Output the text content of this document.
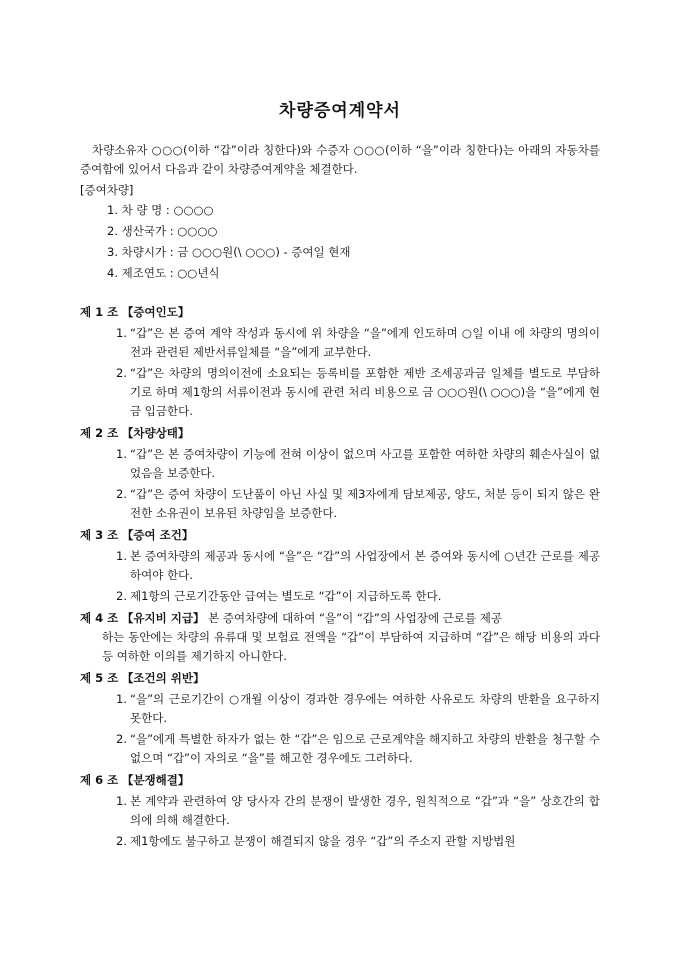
차량증여계약서
차량소유자 ○○○(이하 “갑”이라 칭한다)와 수증자 ○○○(이하 “을”이라 칭한다)는 아래의 자동차를 증여함에 있어서 다음과 같이 차량증여계약을 체결한다.
[증여차량]
1. 차 량 명 : ○○○○
2. 생산국가 : ○○○○
3. 차량시가 : 금 ○○○원(\ ○○○) - 증여일 현재
4. 제조연도 : ○○년식
제 1 조 【증여인도】
1. “갑”은 본 증여 계약 작성과 동시에 위 차량을 “을”에게 인도하며 ○일 이내 에 차량의 명의이전과 관련된 제반서류일체를 “을”에게 교부한다.
2. “갑”은 차량의 명의이전에 소요되는 등록비를 포함한 제반 조세공과금 일체를 별도로 부담하기로 하며 제1항의 서류이전과 동시에 관련 처리 비용으로 금 ○○○원(\ ○○○)을 “을”에게 현금 입금한다.
제 2 조 【차량상태】
1. “갑”은 본 증여차량이 기능에 전혀 이상이 없으며 사고를 포함한 여하한 차량의 훼손사실이 없었음을 보증한다.
2. “갑”은 증여 차량이 도난품이 아닌 사실 및 제3자에게 담보제공, 양도, 처분 등이 되지 않은 완전한 소유권이 보유된 차량임을 보증한다.
제 3 조 【증여 조건】
1. 본 증여차량의 제공과 동시에 “을”은 “갑”의 사업장에서 본 증여와 동시에 ○년간 근로를 제공하여야 한다.
2. 제1항의 근로기간동안 급여는 별도로 “갑”이 지급하도록 한다.
제 4 조 【유지비 지급】 본 증여차량에 대하여 “을”이 “갑”의 사업장에 근로를 제공
하는 동안에는 차량의 유류대 및 보험료 전액을 “갑”이 부담하여 지급하며 “갑”은 해당 비용의 과다 등 여하한 이의를 제기하지 아니한다.
제 5 조 【조건의 위반】
1. “을”의 근로기간이 ○개월 이상이 경과한 경우에는 여하한 사유로도 차량의 반환을 요구하지 못한다.
2. “을”에게 특별한 하자가 없는 한 “갑”은 임으로 근로계약을 해지하고 차량의 반환을 청구할 수 없으며 “갑”이 자의로 “을”를 해고한 경우에도 그러하다.
제 6 조 【분쟁해결】
1. 본 계약과 관련하여 양 당사자 간의 분쟁이 발생한 경우, 원칙적으로 “갑”과 “을” 상호간의 합의에 의해 해결한다.
2. 제1항에도 불구하고 분쟁이 해결되지 않을 경우 “갑”의 주소지 관할 지방법원
